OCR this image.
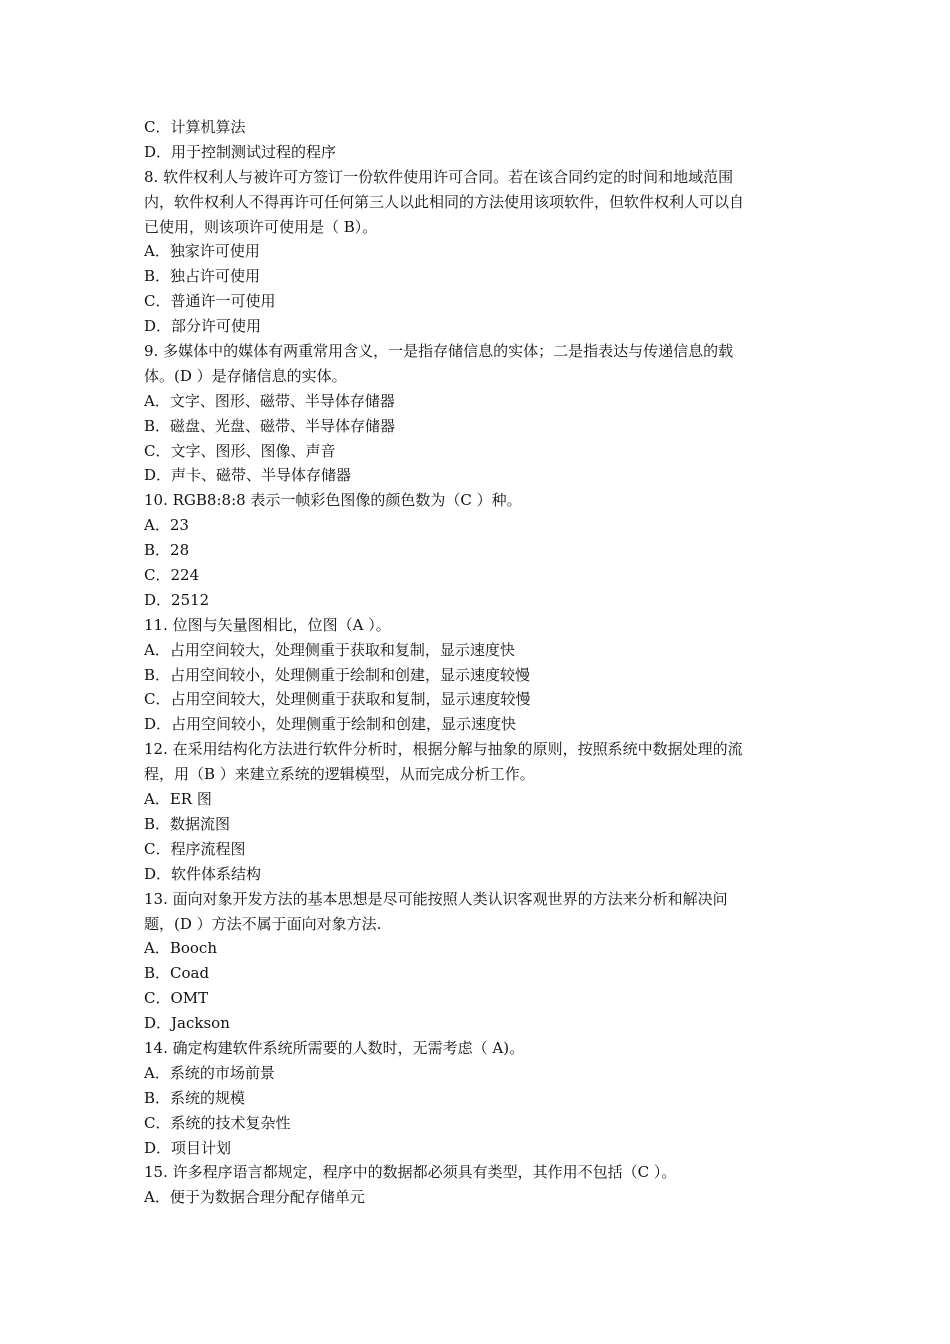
C．计算机算法
D．用于控制测试过程的程序
8. 软件权利人与被许可方签订一份软件使用许可合同。若在该合同约定的时间和地域范围
内，软件权利人不得再许可任何第三人以此相同的方法使用该项软件，但软件权利人可以自
已使用，则该项许可使用是（ B）。
A．独家许可使用
B．独占许可使用
C．普通许一可使用
D．部分许可使用
9. 多媒体中的媒体有两重常用含义，一是指存储信息的实体；二是指表达与传递信息的载
体。(D ）是存储信息的实体。
A．文字、图形、磁带、半导体存储器
B．磁盘、光盘、磁带、半导体存储器
C．文字、图形、图像、声音
D．声卡、磁带、半导体存储器
10. RGB8:8:8 表示一帧彩色图像的颜色数为（C ）种。
A．23
B．28
C．224
D．2512
11. 位图与矢量图相比，位图（A ）。
A．占用空间较大，处理侧重于获取和复制，显示速度快
B．占用空间较小，处理侧重于绘制和创建，显示速度较慢
C．占用空间较大，处理侧重于获取和复制，显示速度较慢
D．占用空间较小，处理侧重于绘制和创建，显示速度快
12. 在采用结构化方法进行软件分析时，根据分解与抽象的原则，按照系统中数据处理的流
程，用（B ）来建立系统的逻辑模型，从而完成分析工作。
A．ER 图
B．数据流图
C．程序流程图
D．软件体系结构
13. 面向对象开发方法的基本思想是尽可能按照人类认识客观世界的方法来分析和解决问
题，(D ）方法不属于面向对象方法.
A．Booch
B．Coad
C．OMT
D．Jackson
14. 确定构建软件系统所需要的人数时，无需考虑（ A)。
A．系统的市场前景
B．系统的规模
C．系统的技术复杂性
D．项目计划
15. 许多程序语言都规定，程序中的数据都必须具有类型，其作用不包括（C ）。
A．便于为数据合理分配存储单元
